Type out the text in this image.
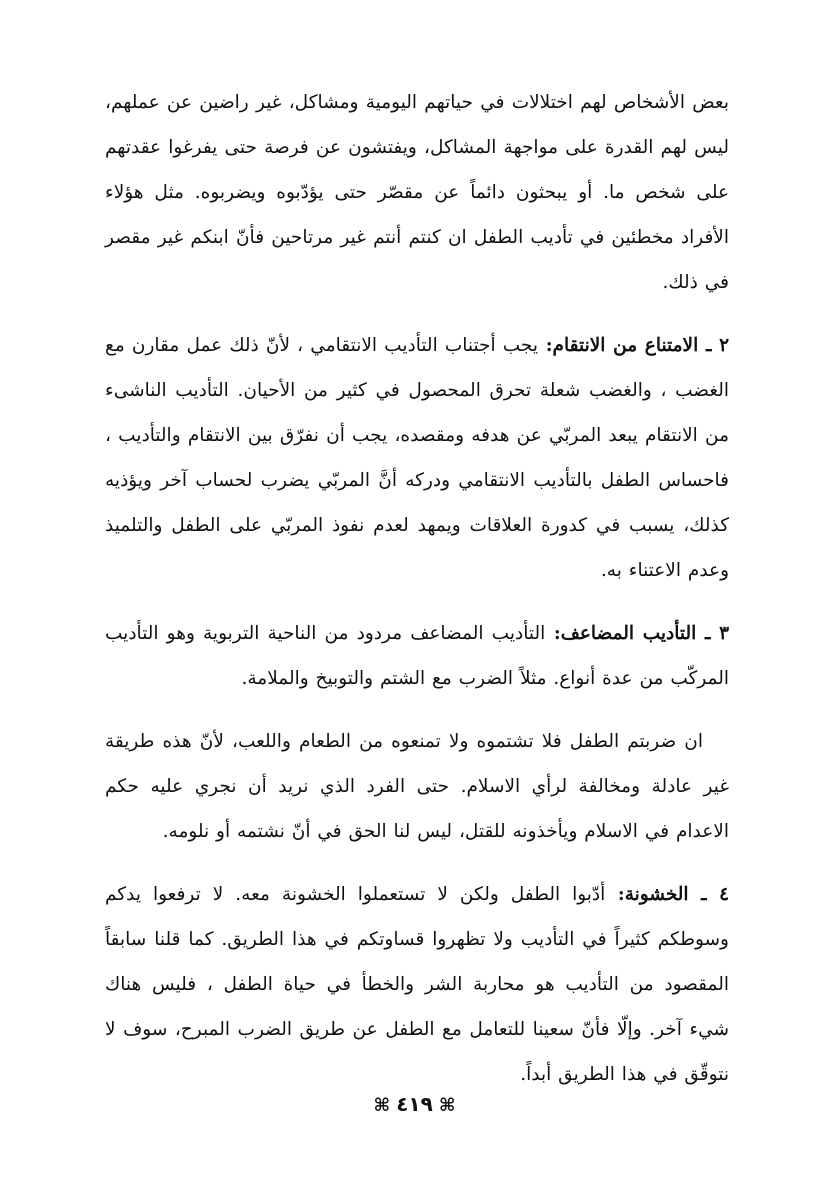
بعض الأشخاص لهم اختلالات في حياتهم اليومية ومشاكل، غير راضين عن عملهم، ليس لهم القدرة على مواجهة المشاكل، ويفتشون عن فرصة حتى يفرغوا عقدتهم على شخص ما. أو يبحثون دائماً عن مقصّر حتى يؤدّبوه ويضربوه. مثل هؤلاء الأفراد مخطئين في تأديب الطفل ان كنتم أنتم غير مرتاحين فأنّ ابنكم غير مقصر في ذلك.

٢ ـ الامتناع من الانتقام: يجب أجتناب التأديب الانتقامي ، لأنّ ذلك عمل مقارن مع الغضب ، والغضب شعلة تحرق المحصول في كثير من الأحيان. التأديب الناشىء من الانتقام يبعد المربّي عن هدفه ومقصده، يجب أن نفرّق بين الانتقام والتأديب ، فاحساس الطفل بالتأديب الانتقامي ودركه أنَّ المربّي يضرب لحساب آخر ويؤذيه كذلك، يسبب في كدورة العلاقات ويمهد لعدم نفوذ المربّي على الطفل والتلميذ وعدم الاعتناء به.

٣ ـ التأديب المضاعف: التأديب المضاعف مردود من الناحية التربوية وهو التأديب المركّب من عدة أنواع. مثلاً الضرب مع الشتم والتوبيخ والملامة.

ان ضربتم الطفل فلا تشتموه ولا تمنعوه من الطعام واللعب، لأنّ هذه طريقة غير عادلة ومخالفة لرأي الاسلام. حتى الفرد الذي نريد أن نجري عليه حكم الاعدام في الاسلام ويأخذونه للقتل، ليس لنا الحق في أنّ نشتمه أو نلومه.

٤ ـ الخشونة: أدّبوا الطفل ولكن لا تستعملوا الخشونة معه. لا ترفعوا يدكم وسوطكم كثيراً في التأديب ولا تظهروا قساوتكم في هذا الطريق. كما قلنا سابقاً المقصود من التأديب هو محاربة الشر والخطأ في حياة الطفل ، فليس هناك شيء آخر. وإلّا فأنّ سعينا للتعامل مع الطفل عن طريق الضرب المبرح، سوف لا نتوقّق في هذا الطريق أبداً.

⌘٤١٩⌘
